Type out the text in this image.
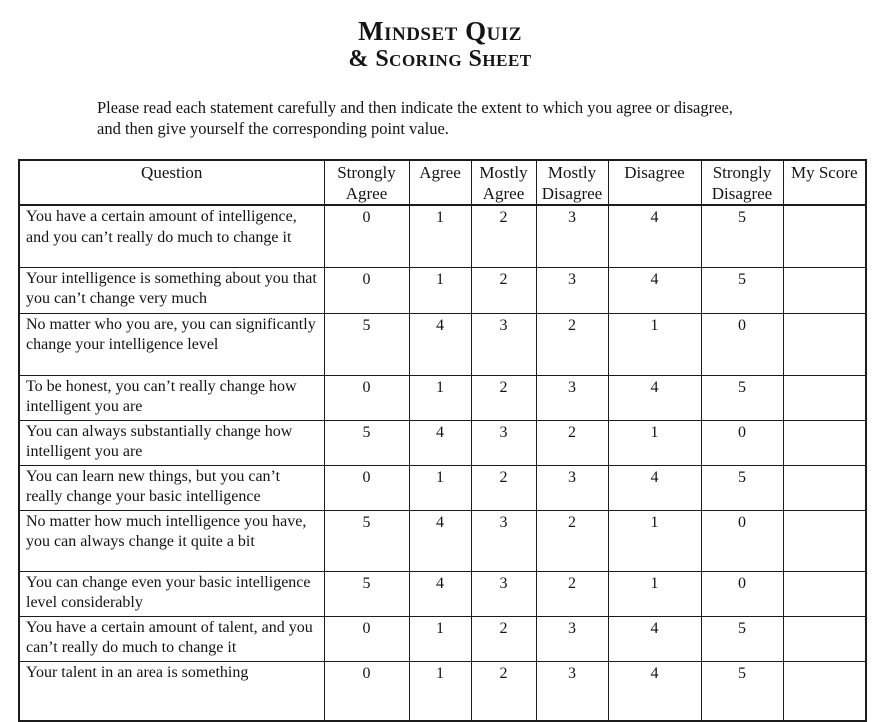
Mindset Quiz
& Scoring Sheet

Please read each statement carefully and then indicate the extent to which you agree or disagree, and then give yourself the corresponding point value.

Question	Strongly Agree	Agree	Mostly Agree	Mostly Disagree	Disagree	Strongly Disagree	My Score
You have a certain amount of intelligence, and you can’t really do much to change it	0	1	2	3	4	5	
Your intelligence is something about you that you can’t change very much	0	1	2	3	4	5	
No matter who you are, you can significantly change your intelligence level	5	4	3	2	1	0	
To be honest, you can’t really change how intelligent you are	0	1	2	3	4	5	
You can always substantially change how intelligent you are	5	4	3	2	1	0	
You can learn new things, but you can’t really change your basic intelligence	0	1	2	3	4	5	
No matter how much intelligence you have, you can always change it quite a bit	5	4	3	2	1	0	
You can change even your basic intelligence level considerably	5	4	3	2	1	0	
You have a certain amount of talent, and you can’t really do much to change it	0	1	2	3	4	5	
Your talent in an area is something	0	1	2	3	4	5	
